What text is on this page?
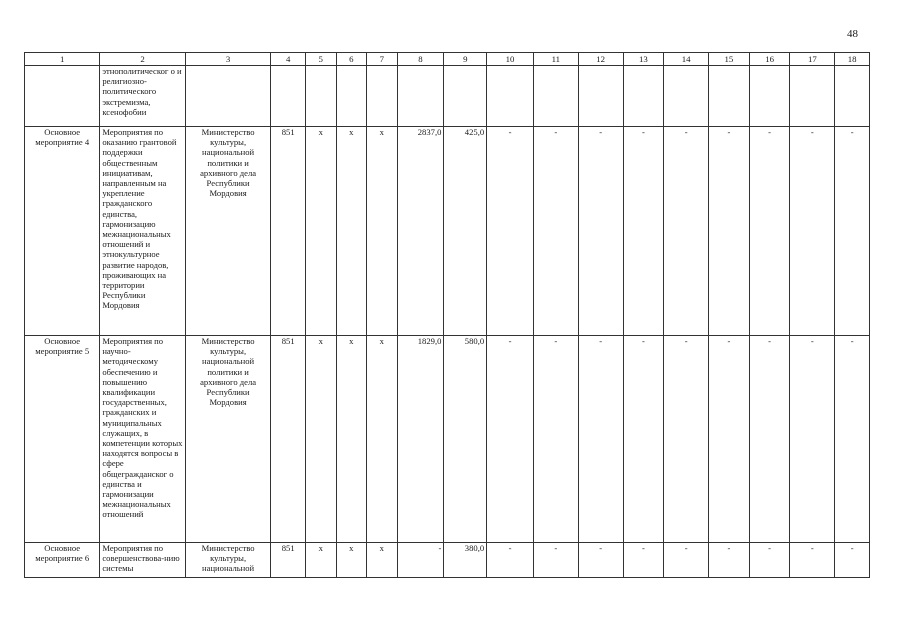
48
1	2	3	4	5	6	7	8	9	10	11	12	13	14	15	16	17	18
	этнополитическог о и религиозно-политического экстремизма, ксенофобии																
Основное мероприятие 4	Мероприятия по оказанию грантовой поддержки общественным инициативам, направленным на укрепление гражданского единства, гармонизацию межнациональных отношений и этнокультурное развитие народов, проживающих на территории Республики Мордовия	Министерство культуры, национальной политики и архивного дела Республики Мордовия	851	х	х	х	2837,0	425,0	-	-	-	-	-	-	-	-	-
Основное мероприятие 5	Мероприятия по научно-методическому обеспечению и повышению квалификации государственных, гражданских и муниципальных служащих, в компетенции которых находятся вопросы в сфере общегражданског о единства и гармонизации межнациональных отношений	Министерство культуры, национальной политики и архивного дела Республики Мордовия	851	х	х	х	1829,0	580,0	-	-	-	-	-	-	-	-	-
Основное мероприятие 6	Мероприятия по совершенствова-нию системы	Министерство культуры, национальной	851	х	х	х	-	380,0	-	-	-	-	-	-	-	-	-
